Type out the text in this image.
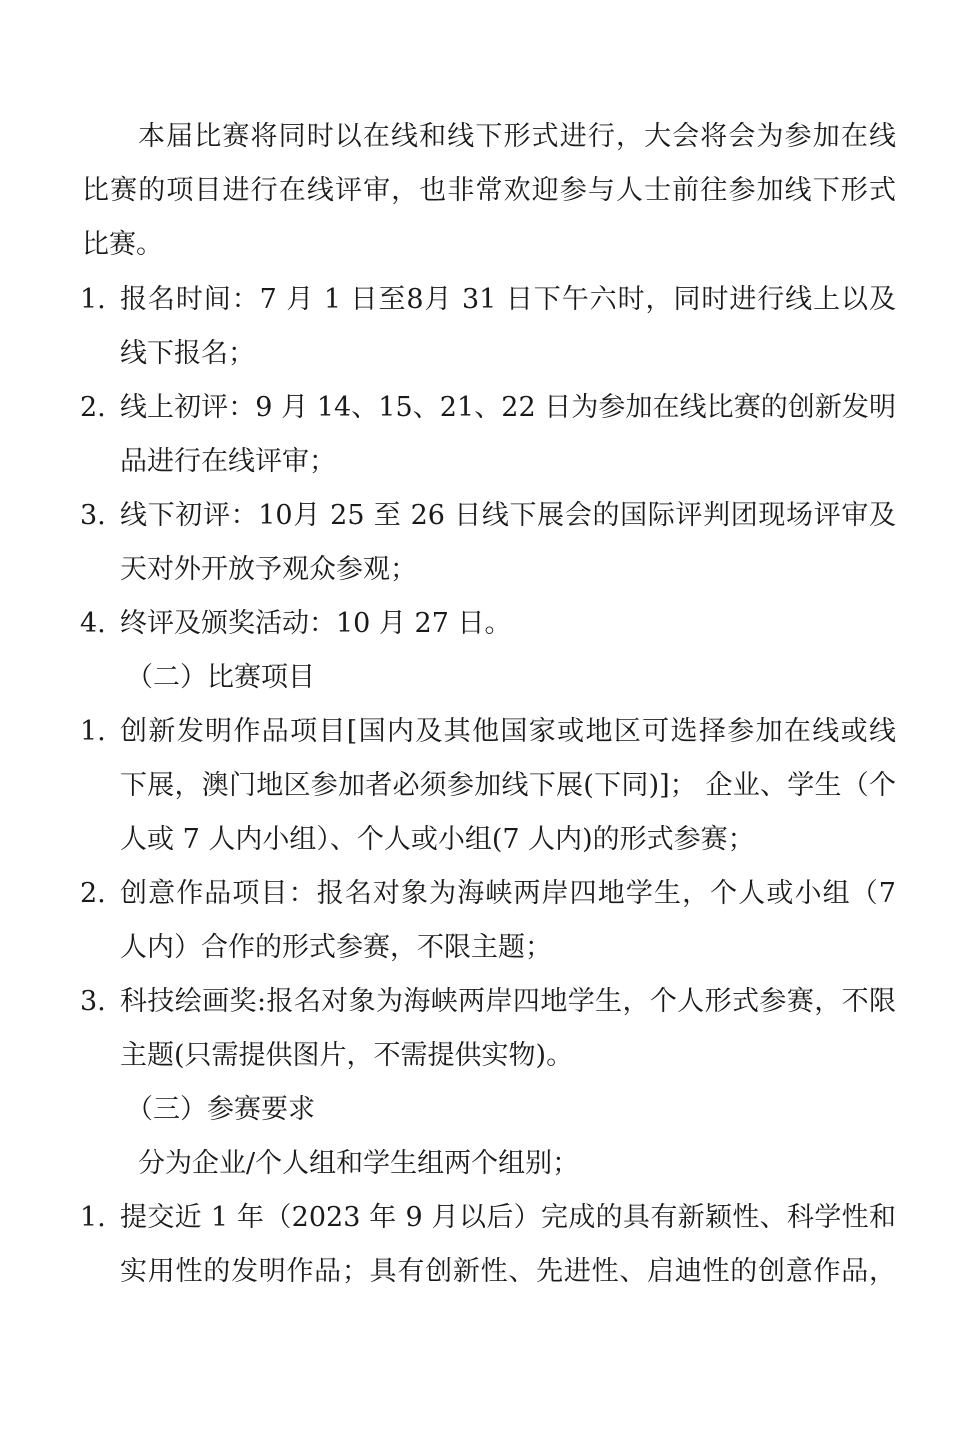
本届比赛将同时以在线和线下形式进行，大会将会为参加在线
比赛的项目进行在线评审，也非常欢迎参与人士前往参加线下形式
比赛。
1. 报名时间：7 月 1 日至8月 31 日下午六时，同时进行线上以及
线下报名；
2. 线上初评：9 月 14、15、21、22 日为参加在线比赛的创新发明
品进行在线评审；
3. 线下初评：10月 25 至 26 日线下展会的国际评判团现场评审及
天对外开放予观众参观；
4. 终评及颁奖活动：10 月 27 日。
（二）比赛项目
1. 创新发明作品项目[国内及其他国家或地区可选择参加在线或线
下展，澳门地区参加者必须参加线下展(下同)]； 企业、学生（个
人或 7 人内小组）、个人或小组(7 人内)的形式参赛；
2. 创意作品项目：报名对象为海峡两岸四地学生，个人或小组（7
人内）合作的形式参赛，不限主题；
3. 科技绘画奖:报名对象为海峡两岸四地学生，个人形式参赛，不限
主题(只需提供图片，不需提供实物)。
（三）参赛要求
分为企业/个人组和学生组两个组别；
1. 提交近 1 年（2023 年 9 月以后）完成的具有新颖性、科学性和
实用性的发明作品；具有创新性、先进性、启迪性的创意作品，
